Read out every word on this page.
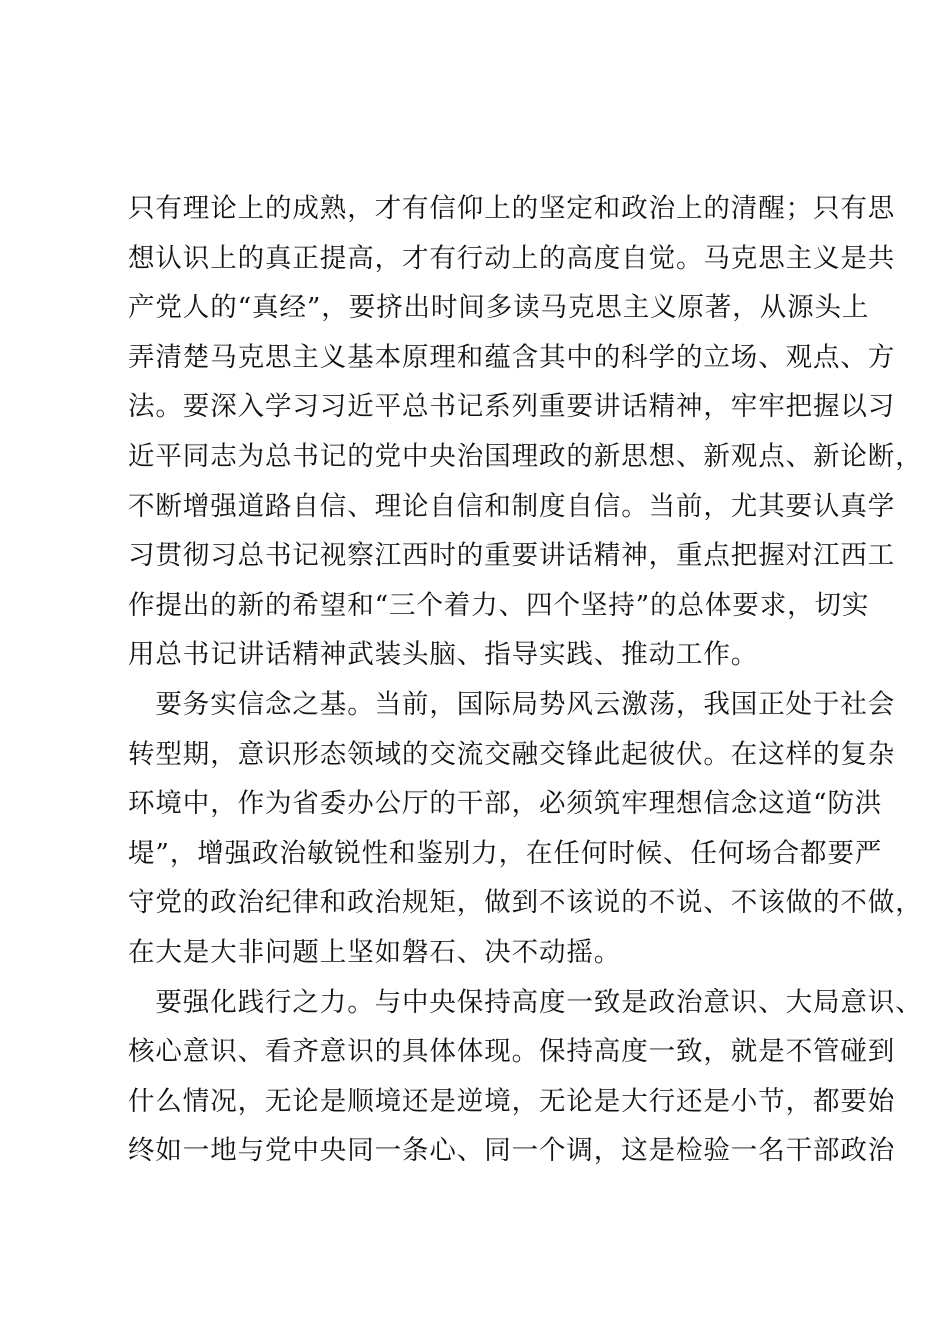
只有理论上的成熟，才有信仰上的坚定和政治上的清醒；只有思
想认识上的真正提高，才有行动上的高度自觉。马克思主义是共
产党人的“真经”，要挤出时间多读马克思主义原著，从源头上
弄清楚马克思主义基本原理和蕴含其中的科学的立场、观点、方
法。要深入学习习近平总书记系列重要讲话精神，牢牢把握以习
近平同志为总书记的党中央治国理政的新思想、新观点、新论断，
不断增强道路自信、理论自信和制度自信。当前，尤其要认真学
习贯彻习总书记视察江西时的重要讲话精神，重点把握对江西工
作提出的新的希望和“三个着力、四个坚持”的总体要求，切实
用总书记讲话精神武装头脑、指导实践、推动工作。
　要务实信念之基。当前，国际局势风云激荡，我国正处于社会
转型期，意识形态领域的交流交融交锋此起彼伏。在这样的复杂
环境中，作为省委办公厅的干部，必须筑牢理想信念这道“防洪
堤”，增强政治敏锐性和鉴别力，在任何时候、任何场合都要严
守党的政治纪律和政治规矩，做到不该说的不说、不该做的不做，
在大是大非问题上坚如磐石、决不动摇。
　要强化践行之力。与中央保持高度一致是政治意识、大局意识、
核心意识、看齐意识的具体体现。保持高度一致，就是不管碰到
什么情况，无论是顺境还是逆境，无论是大行还是小节，都要始
终如一地与党中央同一条心、同一个调，这是检验一名干部政治
